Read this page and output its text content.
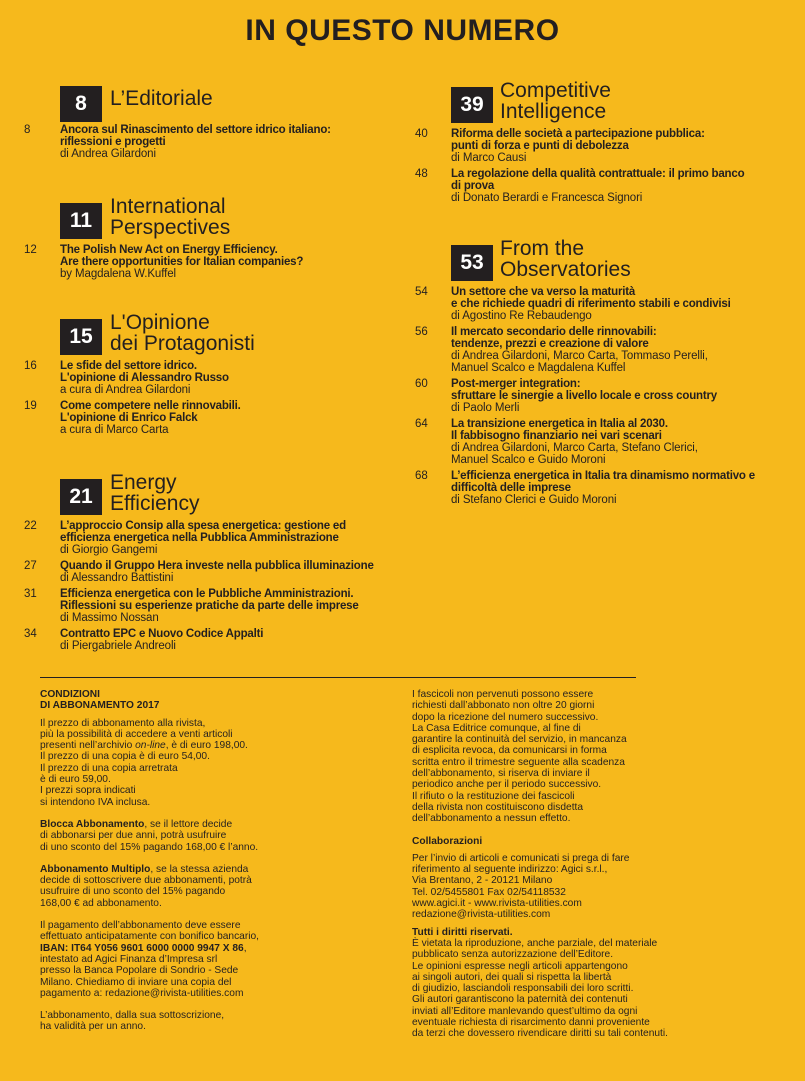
IN QUESTO NUMERO
8	L’Editoriale
8	Ancora sul Rinascimento del settore idrico italiano:
riflessioni e progetti
di Andrea Gilardoni
11
International
Perspectives
12 The Polish New Act on Energy Efficiency.
Are there opportunities for Italian companies?
by Magdalena W.Kuffel
15
L'Opinione
dei Protagonisti
16 Le sfide del settore idrico.
L'opinione di Alessandro Russo
a cura di Andrea Gilardoni
19 Come competere nelle rinnovabili.
L'opinione di Enrico Falck
a cura di Marco Carta
21
Energy
Efficiency
22 L’approccio Consip alla spesa energetica: gestione ed
efficienza energetica nella Pubblica Amministrazione
di Giorgio Gangemi
27 Quando il Gruppo Hera investe nella pubblica illuminazione
di Alessandro Battistini
31 Efficienza energetica con le Pubbliche Amministrazioni.
Riflessioni su esperienze pratiche da parte delle imprese
di Massimo Nossan
34 Contratto EPC e Nuovo Codice Appalti
di Piergabriele Andreoli
39
Competitive
Intelligence
40 Riforma delle società a partecipazione pubblica:
punti di forza e punti di debolezza
di Marco Causi
48 La regolazione della qualità contrattuale: il primo banco
di prova
di Donato Berardi e Francesca Signori
53
From the
Observatories
54 Un settore che va verso la maturità
e che richiede quadri di riferimento stabili e condivisi
di Agostino Re Rebaudengo
56 Il mercato secondario delle rinnovabili:
tendenze, prezzi e creazione di valore
di Andrea Gilardoni, Marco Carta, Tommaso Perelli,
Manuel Scalco e Magdalena Kuffel
60 Post-merger integration:
sfruttare le sinergie a livello locale e cross country
di Paolo Merli
64 La transizione energetica in Italia al 2030.
Il fabbisogno finanziario nei vari scenari
di Andrea Gilardoni, Marco Carta, Stefano Clerici,
Manuel Scalco e Guido Moroni
68 L’efficienza energetica in Italia tra dinamismo normativo e
difficoltà delle imprese
di Stefano Clerici e Guido Moroni
CONDIZIONI
DI ABBONAMENTO 2017

Il prezzo di abbonamento alla rivista,
più la possibilità di accedere a venti articoli
presenti nell’archivio on-line, è di euro 198,00.
Il prezzo di una copia è di euro 54,00.
Il prezzo di una copia arretrata
è di euro 59,00.
I prezzi sopra indicati
si intendono IVA inclusa.

Blocca Abbonamento, se il lettore decide
di abbonarsi per due anni, potrà usufruire
di uno sconto del 15% pagando 168,00 € l’anno.

Abbonamento Multiplo, se la stessa azienda
decide di sottoscrivere due abbonamenti, potrà
usufruire di uno sconto del 15% pagando
168,00 € ad abbonamento.

Il pagamento dell’abbonamento deve essere
effettuato anticipatamente con bonifico bancario,
IBAN: IT64 Y056 9601 6000 0000 9947 X 86,
intestato ad Agici Finanza d’Impresa srl
presso la Banca Popolare di Sondrio - Sede
Milano. Chiediamo di inviare una copia del
pagamento a: redazione@rivista-utilities.com

L’abbonamento, dalla sua sottoscrizione,
ha validità per un anno.

I fascicoli non pervenuti possono essere
richiesti dall’abbonato non oltre 20 giorni
dopo la ricezione del numero successivo.
La Casa Editrice comunque, al fine di
garantire la continuità del servizio, in mancanza
di esplicita revoca, da comunicarsi in forma
scritta entro il trimestre seguente alla scadenza
dell’abbonamento, si riserva di inviare il
periodico anche per il periodo successivo.
Il rifiuto o la restituzione dei fascicoli
della rivista non costituiscono disdetta
dell’abbonamento a nessun effetto.

Collaborazioni

Per l’invio di articoli e comunicati si prega di fare
riferimento al seguente indirizzo: Agici s.r.l.,
Via Brentano, 2 - 20121 Milano
Tel. 02/5455801 Fax 02/54118532
www.agici.it - www.rivista-utilities.com
redazione@rivista-utilities.com

Tutti i diritti riservati.

È vietata la riproduzione, anche parziale, del materiale
pubblicato senza autorizzazione dell’Editore.
Le opinioni espresse negli articoli appartengono
ai singoli autori, dei quali si rispetta la libertà
di giudizio, lasciandoli responsabili dei loro scritti.
Gli autori garantiscono la paternità dei contenuti
inviati all’Editore manlevando quest’ultimo da ogni
eventuale richiesta di risarcimento danni proveniente
da terzi che dovessero rivendicare diritti su tali contenuti.
